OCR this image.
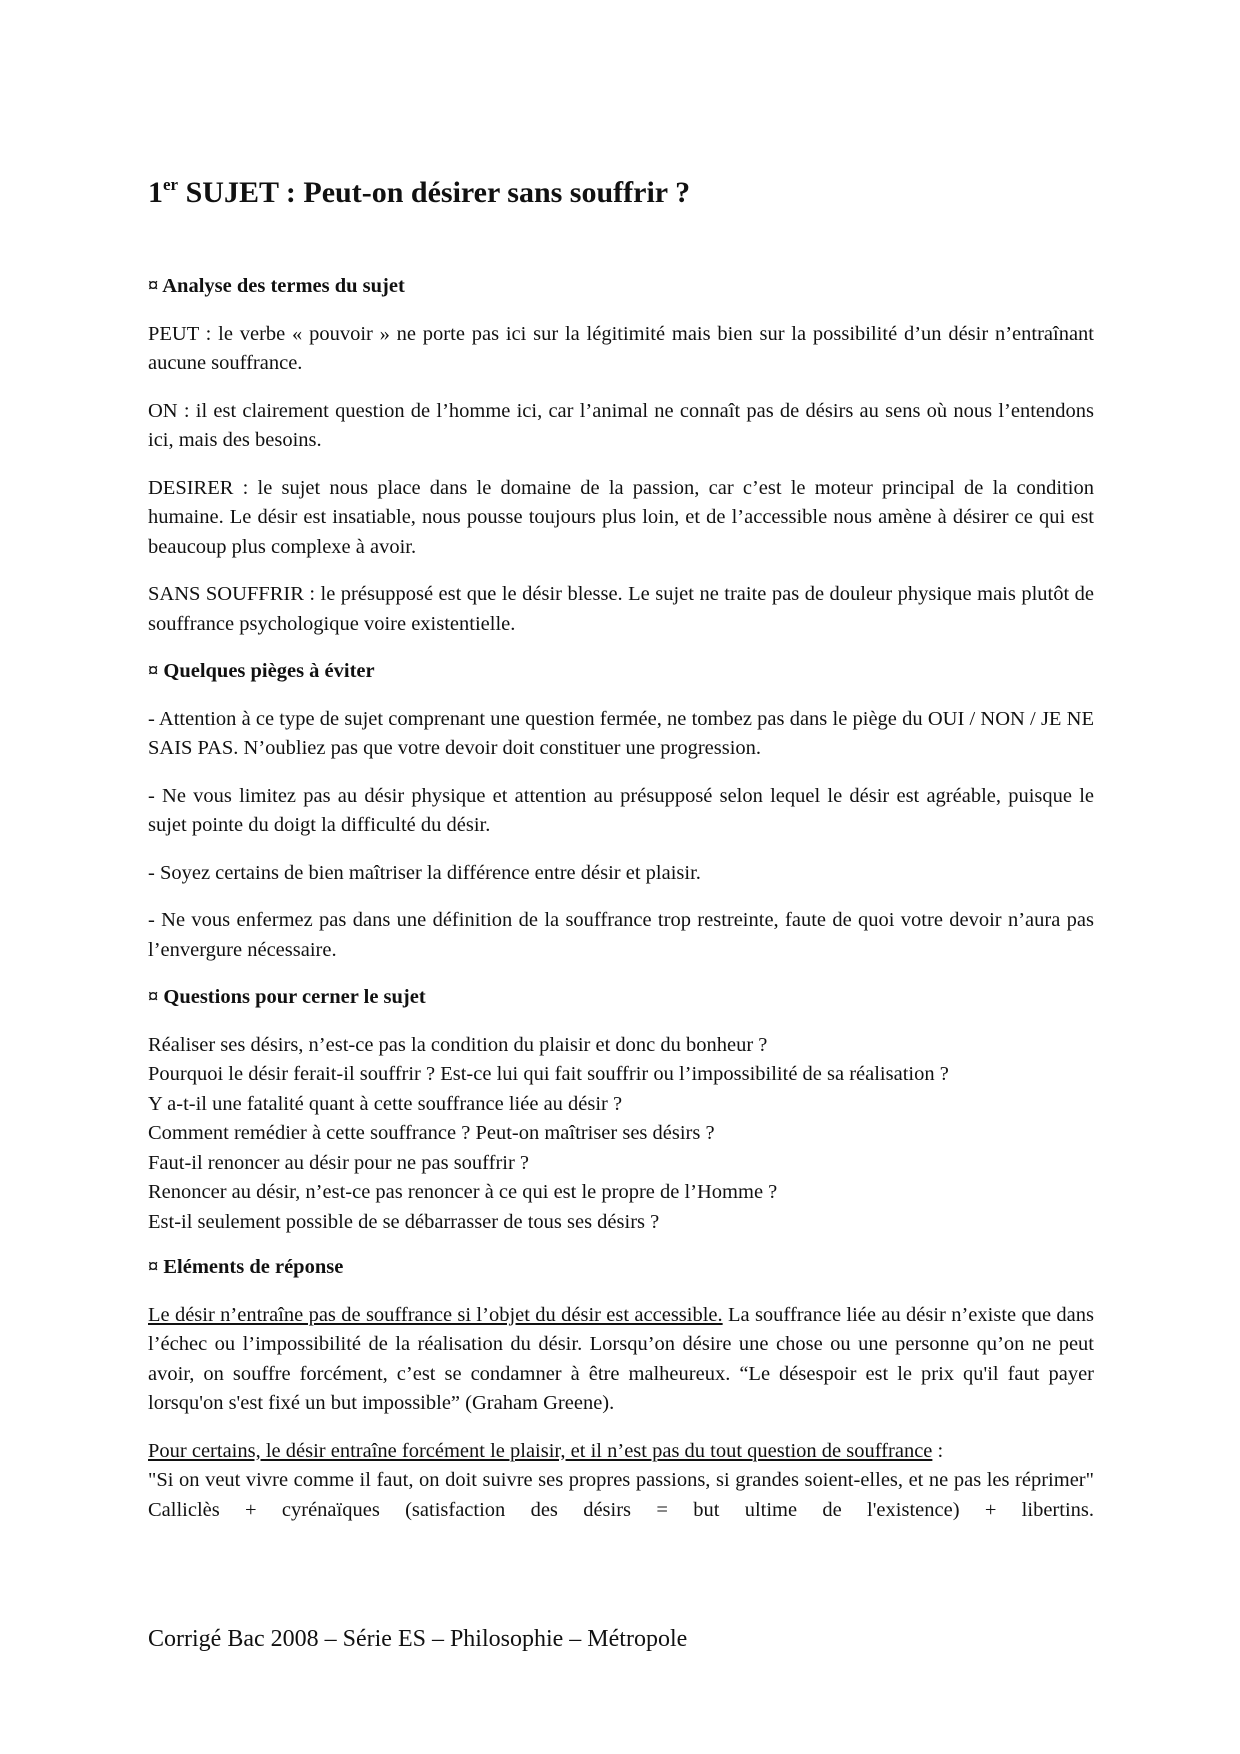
1er SUJET : Peut-on désirer sans souffrir ?

¤ Analyse des termes du sujet

PEUT : le verbe « pouvoir » ne porte pas ici sur la légitimité mais bien sur la possibilité d’un désir n’entraînant aucune souffrance.

ON : il est clairement question de l’homme ici, car l’animal ne connaît pas de désirs au sens où nous l’entendons ici, mais des besoins.

DESIRER : le sujet nous place dans le domaine de la passion, car c’est le moteur principal de la condition humaine. Le désir est insatiable, nous pousse toujours plus loin, et de l’accessible nous amène à désirer ce qui est beaucoup plus complexe à avoir.

SANS SOUFFRIR : le présupposé est que le désir blesse. Le sujet ne traite pas de douleur physique mais plutôt de souffrance psychologique voire existentielle.

¤ Quelques pièges à éviter

- Attention à ce type de sujet comprenant une question fermée, ne tombez pas dans le piège du OUI / NON / JE NE SAIS PAS. N’oubliez pas que votre devoir doit constituer une progression.

- Ne vous limitez pas au désir physique et attention au présupposé selon lequel le désir est agréable, puisque le sujet pointe du doigt la difficulté du désir.

- Soyez certains de bien maîtriser la différence entre désir et plaisir.

- Ne vous enfermez pas dans une définition de la souffrance trop restreinte, faute de quoi votre devoir n’aura pas l’envergure nécessaire.

¤ Questions pour cerner le sujet

Réaliser ses désirs, n’est-ce pas la condition du plaisir et donc du bonheur ?
Pourquoi le désir ferait-il souffrir ? Est-ce lui qui fait souffrir ou l’impossibilité de sa réalisation ?
Y a-t-il une fatalité quant à cette souffrance liée au désir ?
Comment remédier à cette souffrance ? Peut-on maîtriser ses désirs ?
Faut-il renoncer au désir pour ne pas souffrir ?
Renoncer au désir, n’est-ce pas renoncer à ce qui est le propre de l’Homme ?
Est-il seulement possible de se débarrasser de tous ses désirs ?

¤ Eléments de réponse

Le désir n’entraîne pas de souffrance si l’objet du désir est accessible. La souffrance liée au désir n’existe que dans l’échec ou l’impossibilité de la réalisation du désir. Lorsqu’on désire une chose ou une personne qu’on ne peut avoir, on souffre forcément, c’est se condamner à être malheureux. “Le désespoir est le prix qu'il faut payer lorsqu'on s'est fixé un but impossible” (Graham Greene).

Pour certains, le désir entraîne forcément le plaisir, et il n’est pas du tout question de souffrance :

"Si on veut vivre comme il faut, on doit suivre ses propres passions, si grandes soient-elles, et ne pas les réprimer" Calliclès + cyrénaïques (satisfaction des désirs = but ultime de l'existence) + libertins.

Corrigé Bac 2008 – Série ES – Philosophie – Métropole
